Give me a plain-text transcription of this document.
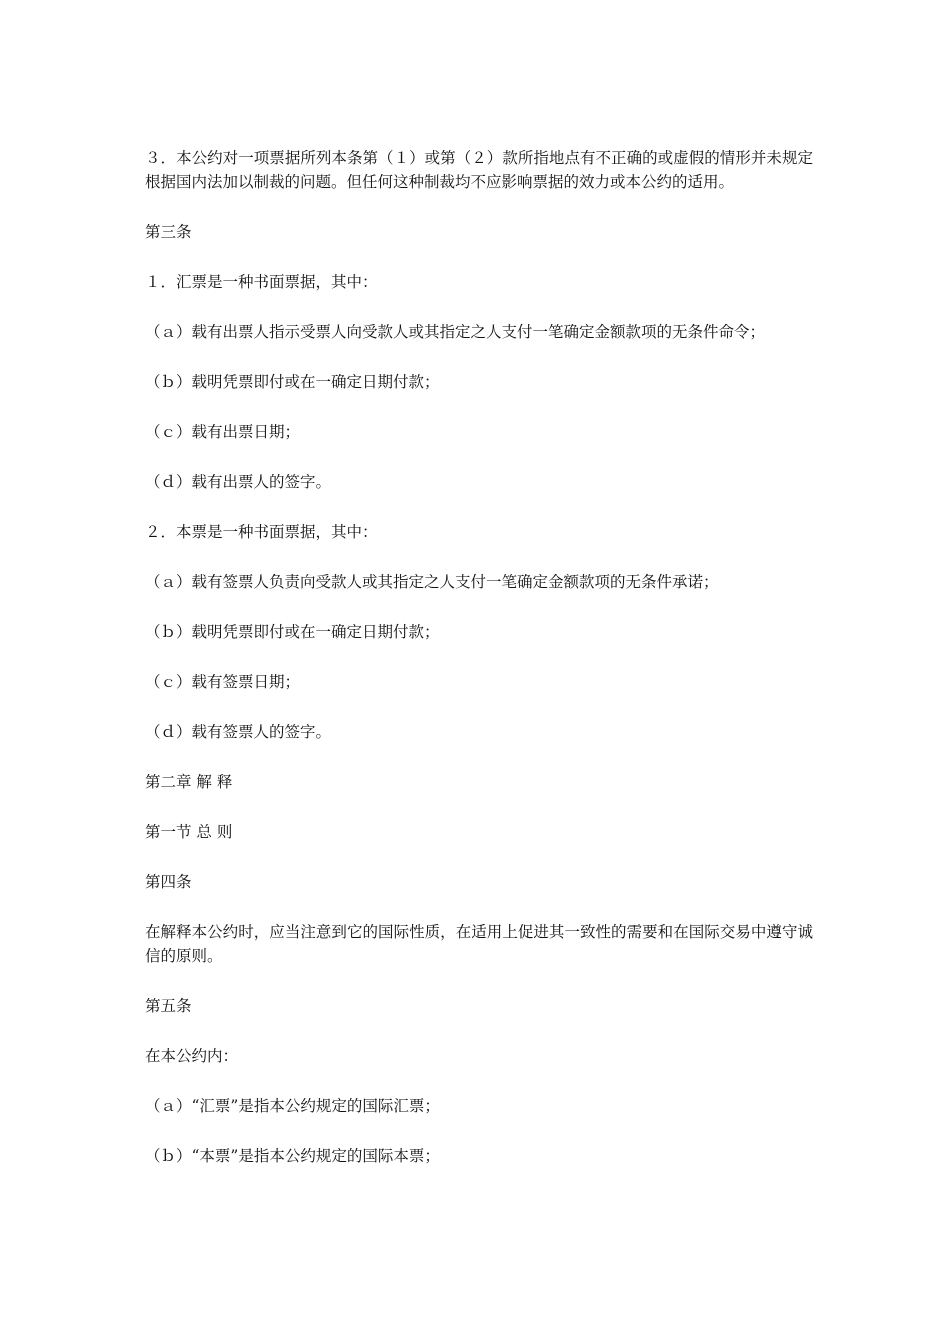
３．本公约对一项票据所列本条第（１）或第（２）款所指地点有不正确的或虚假的情形并未规定根据国内法加以制裁的问题。但任何这种制裁均不应影响票据的效力或本公约的适用。

第三条

１．汇票是一种书面票据，其中：

（ａ）载有出票人指示受票人向受款人或其指定之人支付一笔确定金额款项的无条件命令；

（ｂ）载明凭票即付或在一确定日期付款；

（ｃ）载有出票日期；

（ｄ）载有出票人的签字。

２．本票是一种书面票据，其中：

（ａ）载有签票人负责向受款人或其指定之人支付一笔确定金额款项的无条件承诺；

（ｂ）载明凭票即付或在一确定日期付款；

（ｃ）载有签票日期；

（ｄ）载有签票人的签字。

第二章 解 释

第一节 总 则

第四条

在解释本公约时，应当注意到它的国际性质，在适用上促进其一致性的需要和在国际交易中遵守诚信的原则。

第五条

在本公约内：

（ａ）“汇票”是指本公约规定的国际汇票；

（ｂ）“本票”是指本公约规定的国际本票；
